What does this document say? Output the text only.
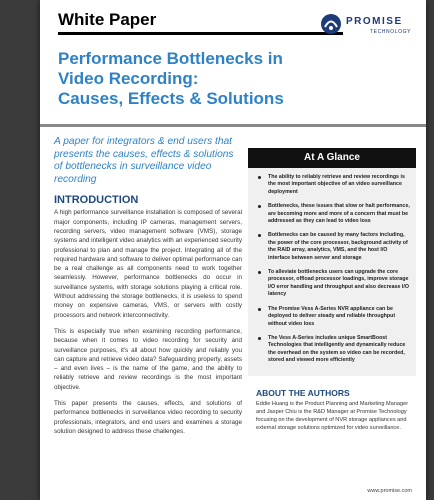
White Paper	PROMISE
TECHNOLOGY
Performance Bottlenecks in
Video Recording:
Causes, Effects & Solutions

A paper for integrators & end users that presents the causes, effects & solutions of bottlenecks in surveillance video recording

INTRODUCTION

A high performance surveillance installation is composed of several major components, including IP cameras, management servers, recording servers, video management software (VMS), storage systems and intelligent video analytics with an experienced security professional to plan and manage the project. Integrating all of the required hardware and software to deliver optimal performance can be a real challenge as all components need to work together seamlessly. However, performance bottlenecks do occur in surveillance systems, with storage solutions playing a critical role. Without addressing the storage bottlenecks, it is useless to spend money on expensive cameras, VMS, or servers with costly processors and network interconnectivity.

This is especially true when examining recording performance, because when it comes to video recording for security and surveillance purposes, it's all about how quickly and reliably you can capture and retrieve video data? Safeguarding property, assets – and even lives – is the name of the game, and the ability to reliably retrieve and review recordings is the most important objective.

This paper presents the causes, effects, and solutions of performance bottlenecks in surveillance video recording to security professionals, integrators, and end users and examines a storage solution designed to address these challenges.

At A Glance
The ability to reliably retrieve and review recordings is the most important objective of an video surveillance deployment
Bottlenecks, these issues that slow or halt performance, are becoming more and more of a concern that must be addressed as they can lead to video loss
Bottlenecks can be caused by many factors including, the power of the core processor, background activity of the RAID array, analytics, VMS, and the host I/O interface between server and storage
To alleviate bottlenecks users can upgrade the core processor, offload processor loadings, improve storage I/O error handling and throughput and also decrease I/O latency
The Promise Vess A-Series NVR appliance can be deployed to deliver steady and reliable throughput without video loss
The Vess A-Series includes unique SmartBoost Technologies that intelligently and dynamically reduce the overhead on the system so video can be recorded, stored and viewed more efficiently
ABOUT THE AUTHORS

Eddie Huang is the Product Planning and Marketing Manager and Jasper Chiu is the R&D Manager at Promise Technology focusing on the development of NVR storage appliances and external storage solutions optimized for video surveillance.

www.promise.com
